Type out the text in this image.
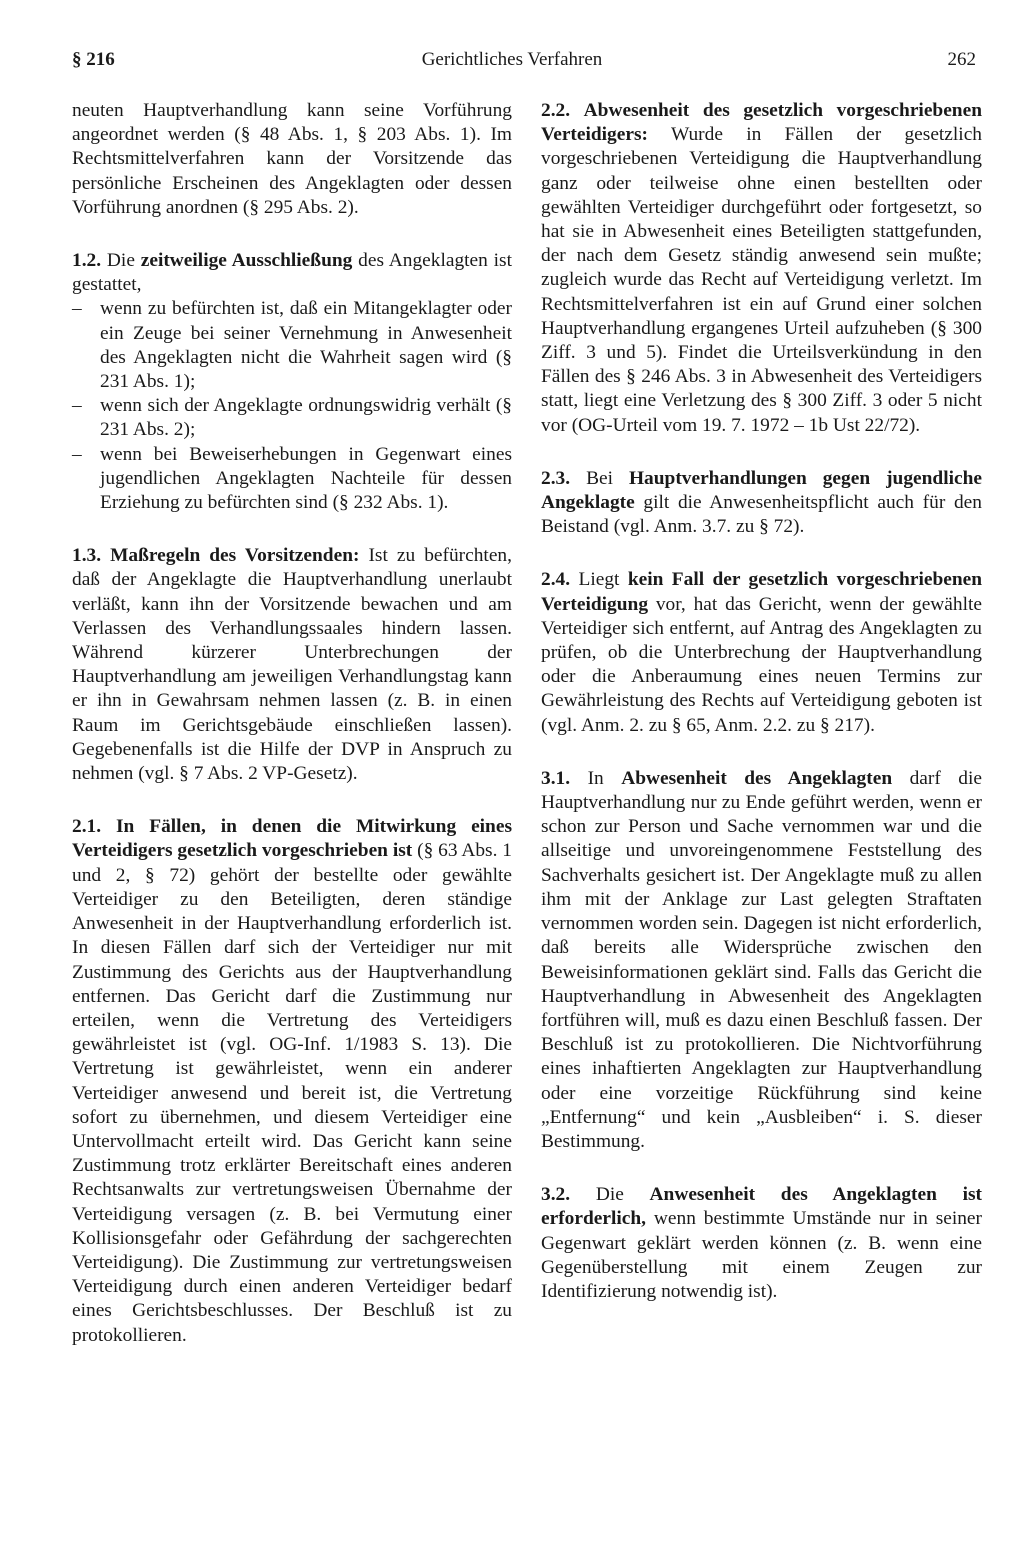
§ 216	Gerichtliches Verfahren	262

neuten Hauptverhandlung kann seine Vorführung angeordnet werden (§ 48 Abs. 1, § 203 Abs. 1). Im Rechtsmittelverfahren kann der Vorsitzende das persönliche Erscheinen des Angeklagten oder dessen Vorführung anordnen (§ 295 Abs. 2).

1.2. Die zeitweilige Ausschließung des Angeklagten ist gestattet,

– wenn zu befürchten ist, daß ein Mitangeklagter oder ein Zeuge bei seiner Vernehmung in Anwesenheit des Angeklagten nicht die Wahrheit sagen wird (§ 231 Abs. 1);
– wenn sich der Angeklagte ordnungswidrig verhält (§ 231 Abs. 2);
– wenn bei Beweiserhebungen in Gegenwart eines jugendlichen Angeklagten Nachteile für dessen Erziehung zu befürchten sind (§ 232 Abs. 1).

1.3. Maßregeln des Vorsitzenden: Ist zu befürchten, daß der Angeklagte die Hauptverhandlung unerlaubt verläßt, kann ihn der Vorsitzende bewachen und am Verlassen des Verhandlungssaales hindern lassen. Während kürzerer Unterbrechungen der Hauptverhandlung am jeweiligen Verhandlungstag kann er ihn in Gewahrsam nehmen lassen (z. B. in einen Raum im Gerichtsgebäude einschließen lassen). Gegebenenfalls ist die Hilfe der DVP in Anspruch zu nehmen (vgl. § 7 Abs. 2 VP-Gesetz).

2.1. In Fällen, in denen die Mitwirkung eines Verteidigers gesetzlich vorgeschrieben ist (§ 63 Abs. 1 und 2, § 72) gehört der bestellte oder gewählte Verteidiger zu den Beteiligten, deren ständige Anwesenheit in der Hauptverhandlung erforderlich ist. In diesen Fällen darf sich der Verteidiger nur mit Zustimmung des Gerichts aus der Hauptverhandlung entfernen. Das Gericht darf die Zustimmung nur erteilen, wenn die Vertretung des Verteidigers gewährleistet ist (vgl. OG-Inf. 1/1983 S. 13). Die Vertretung ist gewährleistet, wenn ein anderer Verteidiger anwesend und bereit ist, die Vertretung sofort zu übernehmen, und diesem Verteidiger eine Untervollmacht erteilt wird. Das Gericht kann seine Zustimmung trotz erklärter Bereitschaft eines anderen Rechtsanwalts zur vertretungsweisen Übernahme der Verteidigung versagen (z. B. bei Vermutung einer Kollisionsgefahr oder Gefährdung der sachgerechten Verteidigung). Die Zustimmung zur vertretungsweisen Verteidigung durch einen anderen Verteidiger bedarf eines Gerichtsbeschlusses. Der Beschluß ist zu protokollieren.

2.2. Abwesenheit des gesetzlich vorgeschriebenen Verteidigers: Wurde in Fällen der gesetzlich vorgeschriebenen Verteidigung die Hauptverhandlung ganz oder teilweise ohne einen bestellten oder gewählten Verteidiger durchgeführt oder fortgesetzt, so hat sie in Abwesenheit eines Beteiligten stattgefunden, der nach dem Gesetz ständig anwesend sein mußte; zugleich wurde das Recht auf Verteidigung verletzt. Im Rechtsmittelverfahren ist ein auf Grund einer solchen Hauptverhandlung ergangenes Urteil aufzuheben (§ 300 Ziff. 3 und 5). Findet die Urteilsverkündung in den Fällen des § 246 Abs. 3 in Abwesenheit des Verteidigers statt, liegt eine Verletzung des § 300 Ziff. 3 oder 5 nicht vor (OG-Urteil vom 19. 7. 1972 – 1b Ust 22/72).

2.3. Bei Hauptverhandlungen gegen jugendliche Angeklagte gilt die Anwesenheitspflicht auch für den Beistand (vgl. Anm. 3.7. zu § 72).

2.4. Liegt kein Fall der gesetzlich vorgeschriebenen Verteidigung vor, hat das Gericht, wenn der gewählte Verteidiger sich entfernt, auf Antrag des Angeklagten zu prüfen, ob die Unterbrechung der Hauptverhandlung oder die Anberaumung eines neuen Termins zur Gewährleistung des Rechts auf Verteidigung geboten ist (vgl. Anm. 2. zu § 65, Anm. 2.2. zu § 217).

3.1. In Abwesenheit des Angeklagten darf die Hauptverhandlung nur zu Ende geführt werden, wenn er schon zur Person und Sache vernommen war und die allseitige und unvoreingenommene Feststellung des Sachverhalts gesichert ist. Der Angeklagte muß zu allen ihm mit der Anklage zur Last gelegten Straftaten vernommen worden sein. Dagegen ist nicht erforderlich, daß bereits alle Widersprüche zwischen den Beweisinformationen geklärt sind. Falls das Gericht die Hauptverhandlung in Abwesenheit des Angeklagten fortführen will, muß es dazu einen Beschluß fassen. Der Beschluß ist zu protokollieren. Die Nichtvorführung eines inhaftierten Angeklagten zur Hauptverhandlung oder eine vorzeitige Rückführung sind keine „Entfernung“ und kein „Ausbleiben“ i. S. dieser Bestimmung.

3.2. Die Anwesenheit des Angeklagten ist erforderlich, wenn bestimmte Umstände nur in seiner Gegenwart geklärt werden können (z. B. wenn eine Gegenüberstellung mit einem Zeugen zur Identifizierung notwendig ist).
